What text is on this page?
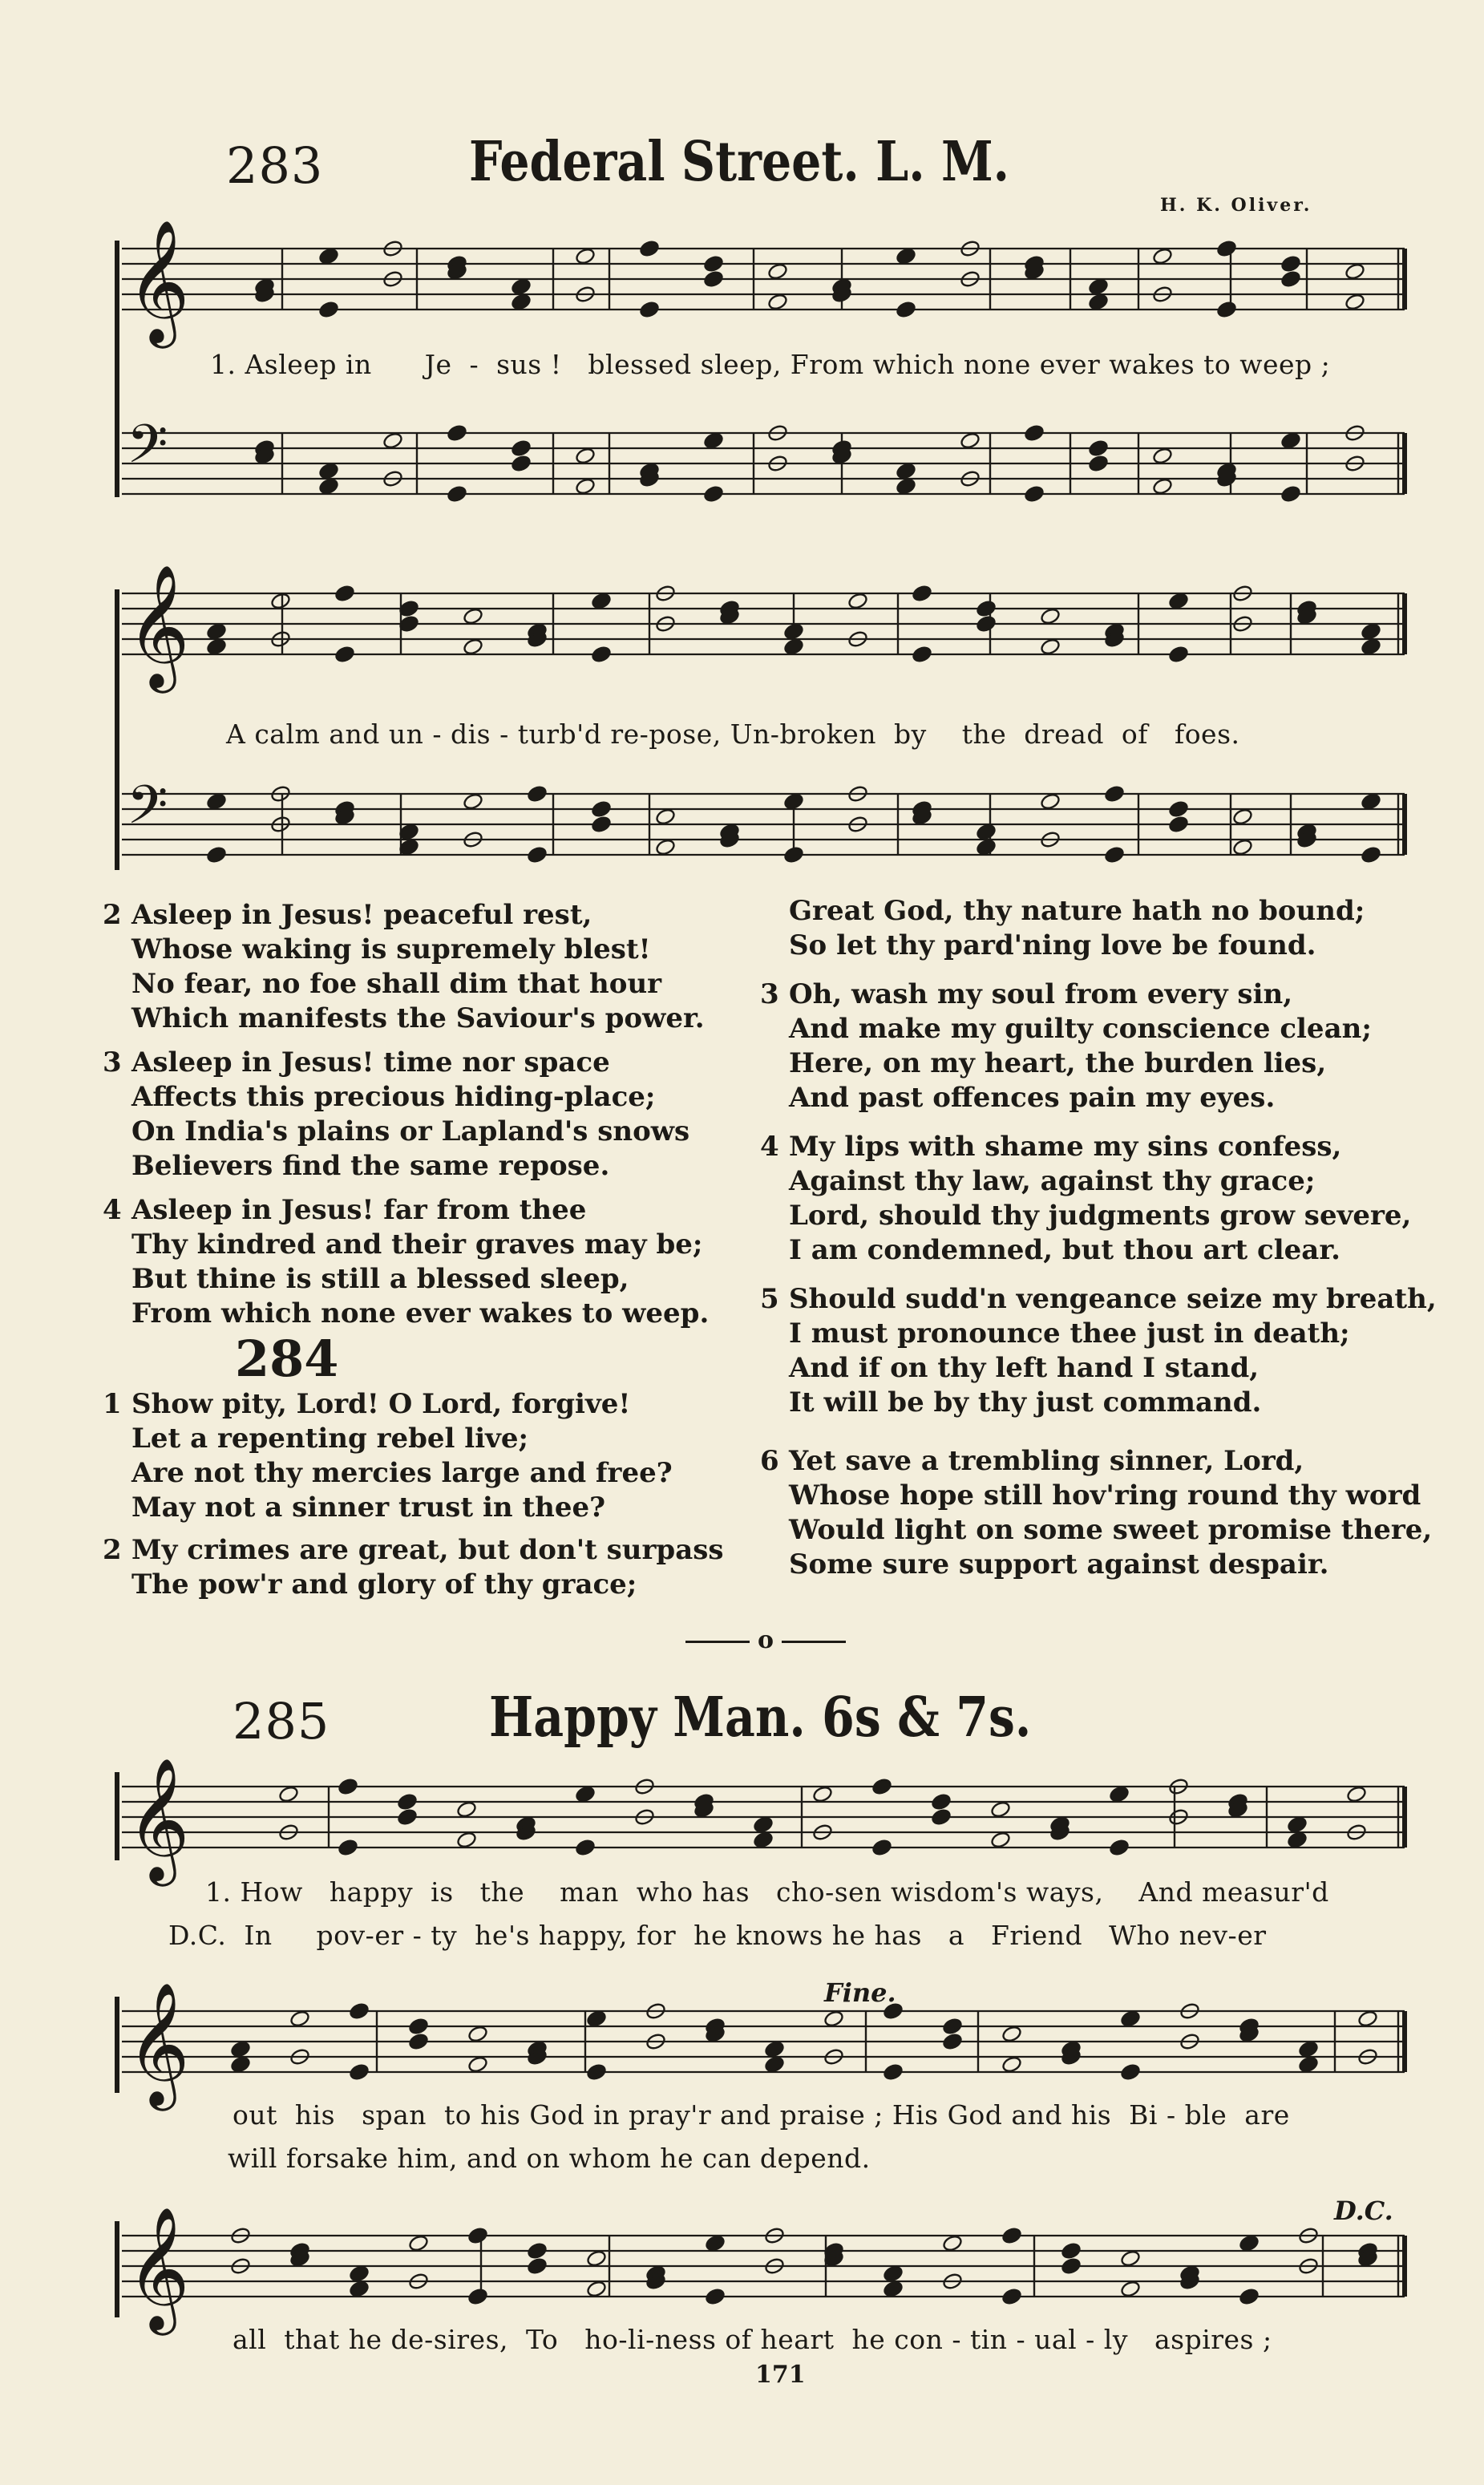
𝄞
𝄢
𝄞
𝄢
𝄞
𝄞
𝄞
283	Federal Street. L. M.
H. K. Oliver.
1. Asleep in      Je  -  sus !   blessed sleep, From which none ever wakes to weep ;
A calm and un - dis - turb'd re-pose, Un-broken  by    the  dread  of   foes.
2 Asleep in Jesus! peaceful rest,
Whose waking is supremely blest!
No fear, no foe shall dim that hour
Which manifests the Saviour's power.
3 Asleep in Jesus! time nor space
Affects this precious hiding-place;
On India's plains or Lapland's snows
Believers find the same repose.
4 Asleep in Jesus! far from thee
Thy kindred and their graves may be;
But thine is still a blessed sleep,
From which none ever wakes to weep.
284
1 Show pity, Lord! O Lord, forgive!
Let a repenting rebel live;
Are not thy mercies large and free?
May not a sinner trust in thee?
2 My crimes are great, but don't surpass
The pow'r and glory of thy grace;
Great God, thy nature hath no bound;
So let thy pard'ning love be found.
3 Oh, wash my soul from every sin,
And make my guilty conscience clean;
Here, on my heart, the burden lies,
And past offences pain my eyes.
4 My lips with shame my sins confess,
Against thy law, against thy grace;
Lord, should thy judgments grow severe,
I am condemned, but thou art clear.
5 Should sudd'n vengeance seize my breath,
I must pronounce thee just in death;
And if on thy left hand I stand,
It will be by thy just command.
6 Yet save a trembling sinner, Lord,
Whose hope still hov'ring round thy word
Would light on some sweet promise there,
Some sure support against despair.
o
285	Happy Man. 6s & 7s.
1. How   happy  is   the    man  who has   cho-sen wisdom's ways,    And measur'd
D.C.  In     pov-er - ty  he's happy, for  he knows he has   a   Friend   Who nev-er
Fine.
out  his   span  to his God in pray'r and praise ; His God and his  Bi - ble  are
will forsake him, and on whom he can depend.
D.C.
all  that he de-sires,  To   ho-li-ness of heart  he con - tin - ual - ly   aspires ;
171
